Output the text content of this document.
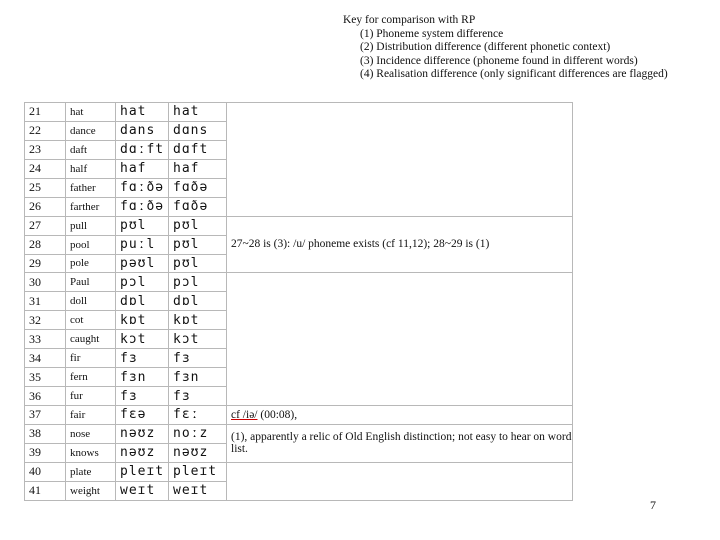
Key for comparison with RP
(1) Phoneme system difference
(2) Distribution difference (different phonetic context)
(3) Incidence difference (phoneme found in different words)
(4) Realisation difference (only significant differences are flagged)
21	hat	hat	hat	
22	dance	dans	dɑns	
23	daft	dɑːft	dɑft	
24	half	haf	haf	
25	father	fɑːðə	fɑðə	
26	farther	fɑːðə	fɑðə	
27	pull	pʊl	pʊl	27~28 is (3): /u/ phoneme exists (cf 11,12); 28~29 is (1)
28	pool	puːl	pʊl	
29	pole	pəʊl	pʊl	
30	Paul	pɔl	pɔl	
31	doll	dɒl	dɒl	
32	cot	kɒt	kɒt	
33	caught	kɔt	kɔt	
34	fir	fɜ	fɜ	
35	fern	fɜn	fɜn	
36	fur	fɜ	fɜ	
37	fair	fɛə	fɛː	cf /iə/ (00:08),
38	nose	nəʊz	noːz	(1), apparently a relic of Old English distinction; not easy to hear on word list.
39	knows	nəʊz	nəʊz	
40	plate	pleɪt	pleɪt	
41	weight	weɪt	weɪt	
7
